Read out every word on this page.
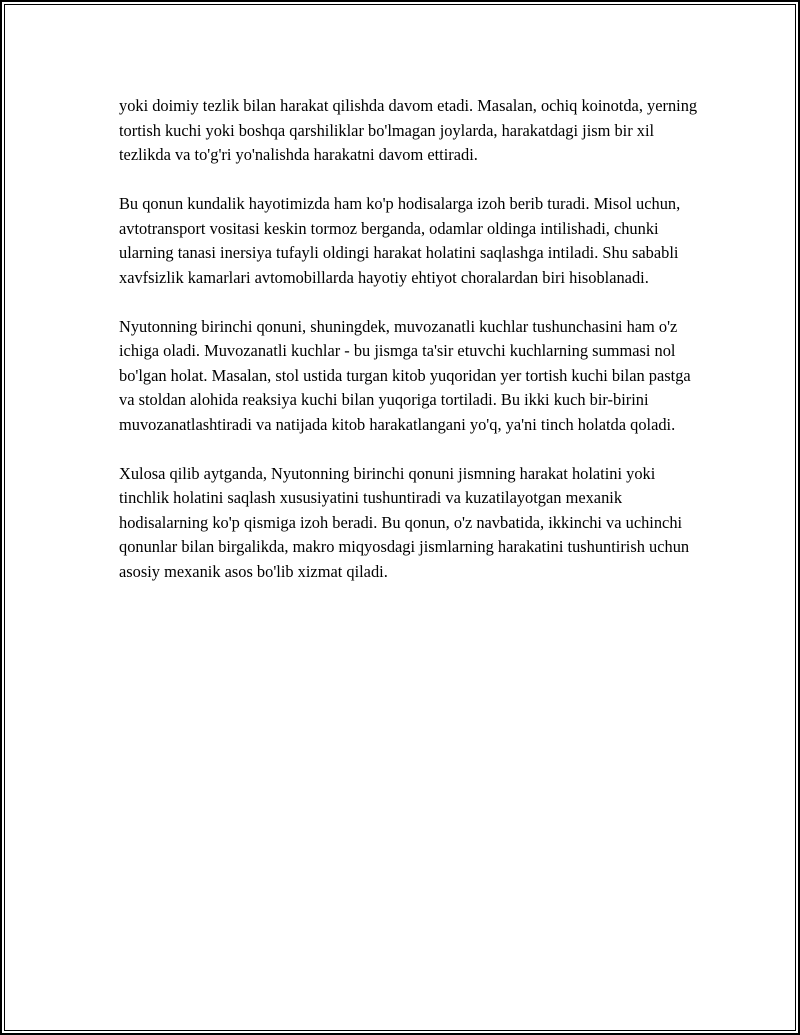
yoki doimiy tezlik bilan harakat qilishda davom etadi. Masalan, ochiq koinotda, yerning tortish kuchi yoki boshqa qarshiliklar bo'lmagan joylarda, harakatdagi jism bir xil tezlikda va to'g'ri yo'nalishda harakatni davom ettiradi.

Bu qonun kundalik hayotimizda ham ko'p hodisalarga izoh berib turadi. Misol uchun, avtotransport vositasi keskin tormoz berganda, odamlar oldinga intilishadi, chunki ularning tanasi inersiya tufayli oldingi harakat holatini saqlashga intiladi. Shu sababli xavfsizlik kamarlari avtomobillarda hayotiy ehtiyot choralardan biri hisoblanadi.

Nyutonning birinchi qonuni, shuningdek, muvozanatli kuchlar tushunchasini ham o'z ichiga oladi. Muvozanatli kuchlar - bu jismga ta'sir etuvchi kuchlarning summasi nol bo'lgan holat. Masalan, stol ustida turgan kitob yuqoridan yer tortish kuchi bilan pastga va stoldan alohida reaksiya kuchi bilan yuqoriga tortiladi. Bu ikki kuch bir-birini muvozanatlashtiradi va natijada kitob harakatlangani yo'q, ya'ni tinch holatda qoladi.

Xulosa qilib aytganda, Nyutonning birinchi qonuni jismning harakat holatini yoki tinchlik holatini saqlash xususiyatini tushuntiradi va kuzatilayotgan mexanik hodisalarning ko'p qismiga izoh beradi. Bu qonun, o'z navbatida, ikkinchi va uchinchi qonunlar bilan birgalikda, makro miqyosdagi jismlarning harakatini tushuntirish uchun asosiy mexanik asos bo'lib xizmat qiladi.
